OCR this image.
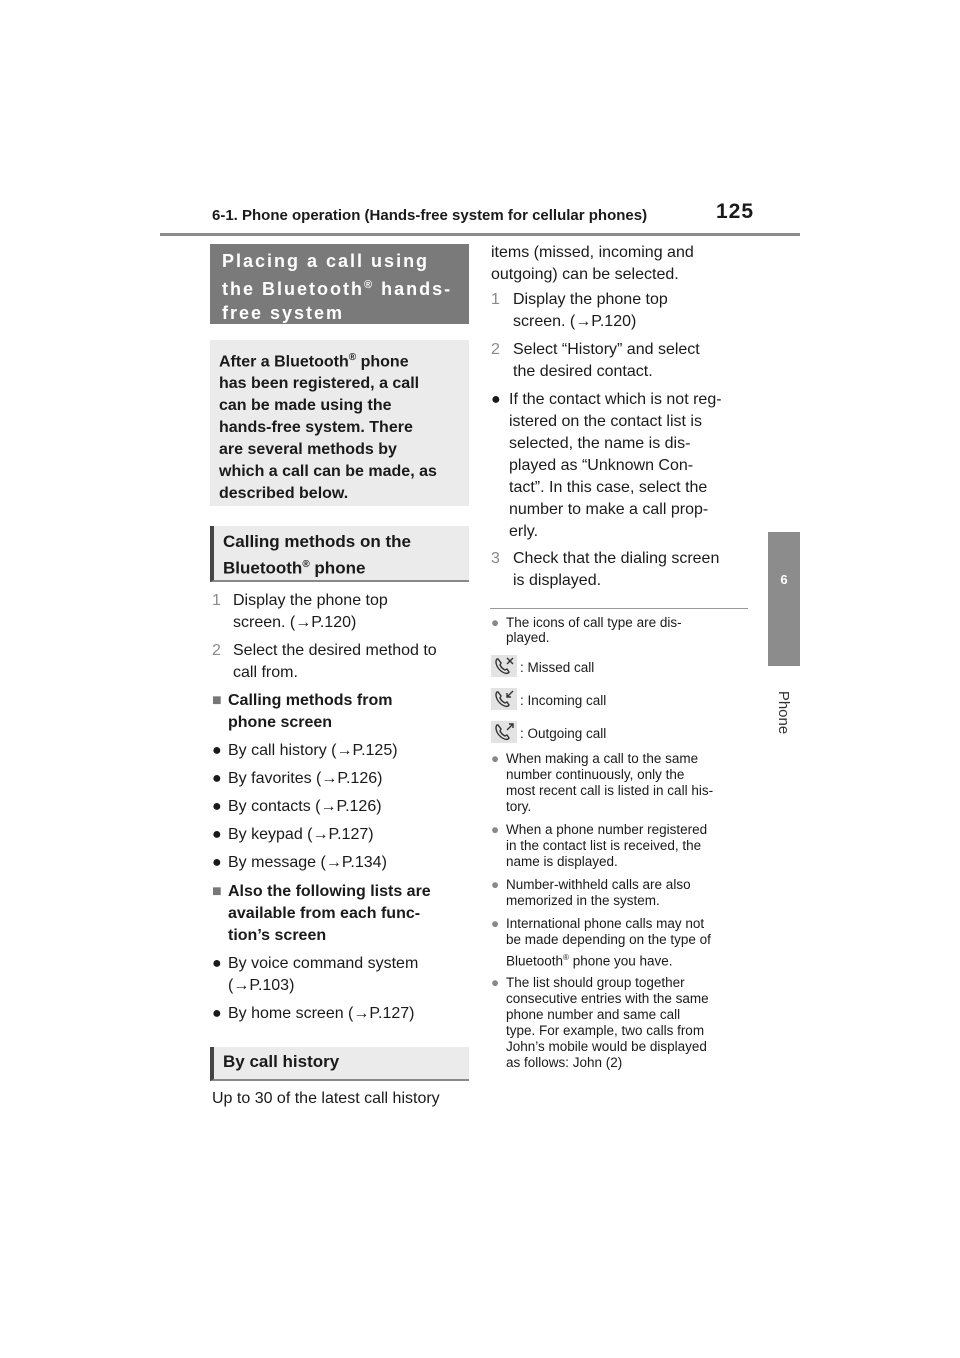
6-1. Phone operation (Hands-free system for cellular phones)	125
6
Phone
Placing a call using
the Bluetooth® hands-
free system
After a Bluetooth® phone
has been registered, a call
can be made using the
hands-free system. There
are several methods by
which a call can be made, as
described below.
Calling methods on the
Bluetooth® phone
1 Display the phone top
screen. (→P.120)
2 Select the desired method to
call from.
■ Calling methods from
phone screen
● By call history (→P.125)
● By favorites (→P.126)
● By contacts (→P.126)
● By keypad (→P.127)
● By message (→P.134)
■ Also the following lists are
available from each func-
tion’s screen
● By voice command system
(→P.103)
● By home screen (→P.127)
By call history
Up to 30 of the latest call history
items (missed, incoming and
outgoing) can be selected.
1 Display the phone top
screen. (→P.120)
2 Select “History” and select
the desired contact.
● If the contact which is not reg-
istered on the contact list is
selected, the name is dis-
played as “Unknown Con-
tact”. In this case, select the
number to make a call prop-
erly.
3 Check that the dialing screen
is displayed.
● The icons of call type are dis-
played.
: Missed call
: Incoming call
: Outgoing call
● When making a call to the same
number continuously, only the
most recent call is listed in call his-
tory.
● When a phone number registered
in the contact list is received, the
name is displayed.
● Number-withheld calls are also
memorized in the system.
● International phone calls may not
be made depending on the type of
Bluetooth® phone you have.
● The list should group together
consecutive entries with the same
phone number and same call
type. For example, two calls from
John’s mobile would be displayed
as follows: John (2)
